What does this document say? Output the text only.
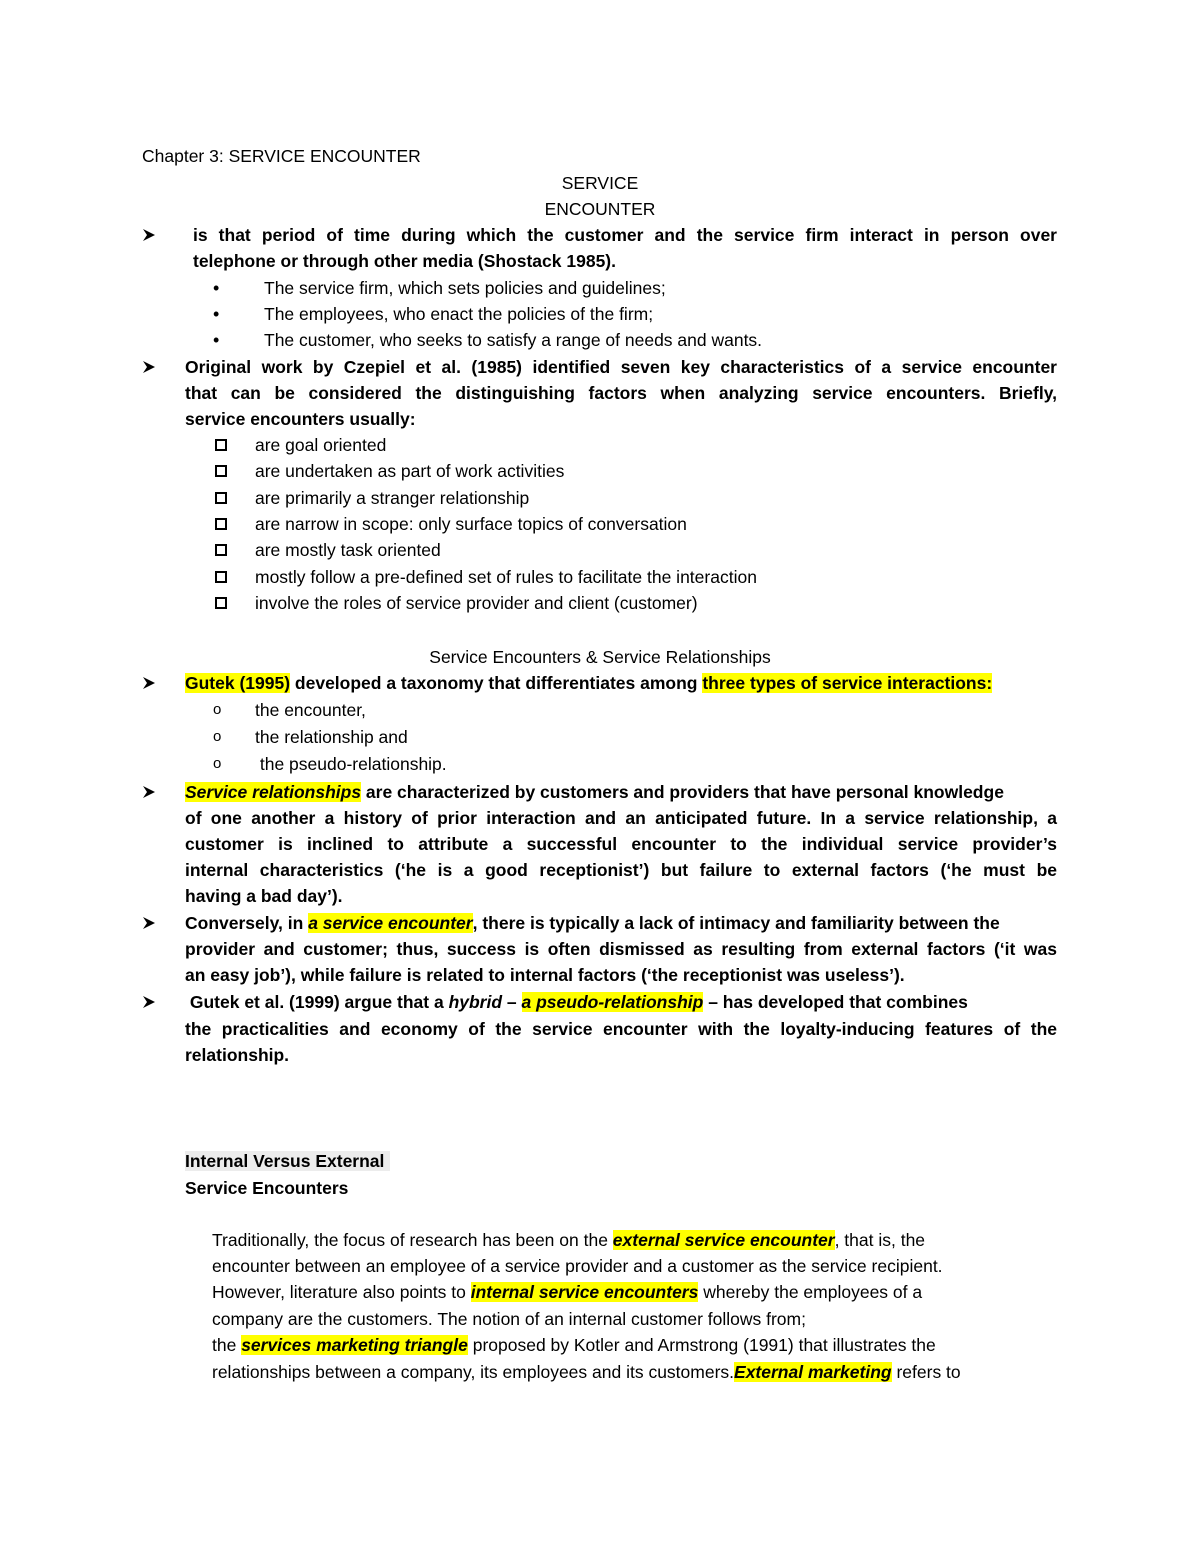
Chapter 3: SERVICE ENCOUNTER
SERVICE
ENCOUNTER
is that period of time during which the customer and the service firm interact in person over
telephone or through other media (Shostack 1985).
•	The service firm, which sets policies and guidelines;
•	The employees, who enact the policies of the firm;
•	The customer, who seeks to satisfy a range of needs and wants.
Original work by Czepiel et al. (1985) identified seven key characteristics of a service encounter
that can be considered the distinguishing factors when analyzing service encounters. Briefly,
service encounters usually:
are goal oriented
are undertaken as part of work activities
are primarily a stranger relationship
are narrow in scope: only surface topics of conversation
are mostly task oriented
mostly follow a pre-defined set of rules to facilitate the interaction
involve the roles of service provider and client (customer)
Service Encounters & Service Relationships
Gutek (1995) developed a taxonomy that differentiates among three types of service interactions:
o the encounter,
o the relationship and
o the pseudo-relationship.
Service relationships are characterized by customers and providers that have personal knowledge
of one another a history of prior interaction and an anticipated future. In a service relationship, a
customer is inclined to attribute a successful encounter to the individual service provider’s
internal characteristics (‘he is a good receptionist’) but failure to external factors (‘he must be
having a bad day’).
Conversely, in a service encounter, there is typically a lack of intimacy and familiarity between the
provider and customer; thus, success is often dismissed as resulting from external factors (‘it was
an easy job’), while failure is related to internal factors (‘the receptionist was useless’).
Gutek et al. (1999) argue that a hybrid – a pseudo-relationship – has developed that combines
the practicalities and economy of the service encounter with the loyalty-inducing features of the
relationship.
Internal Versus External
Service Encounters
Traditionally, the focus of research has been on the external service encounter, that is, the
encounter between an employee of a service provider and a customer as the service recipient.
However, literature also points to internal service encounters whereby the employees of a
company are the customers. The notion of an internal customer follows from;
the services marketing triangle proposed by Kotler and Armstrong (1991) that illustrates the
relationships between a company, its employees and its customers.External marketing refers to
